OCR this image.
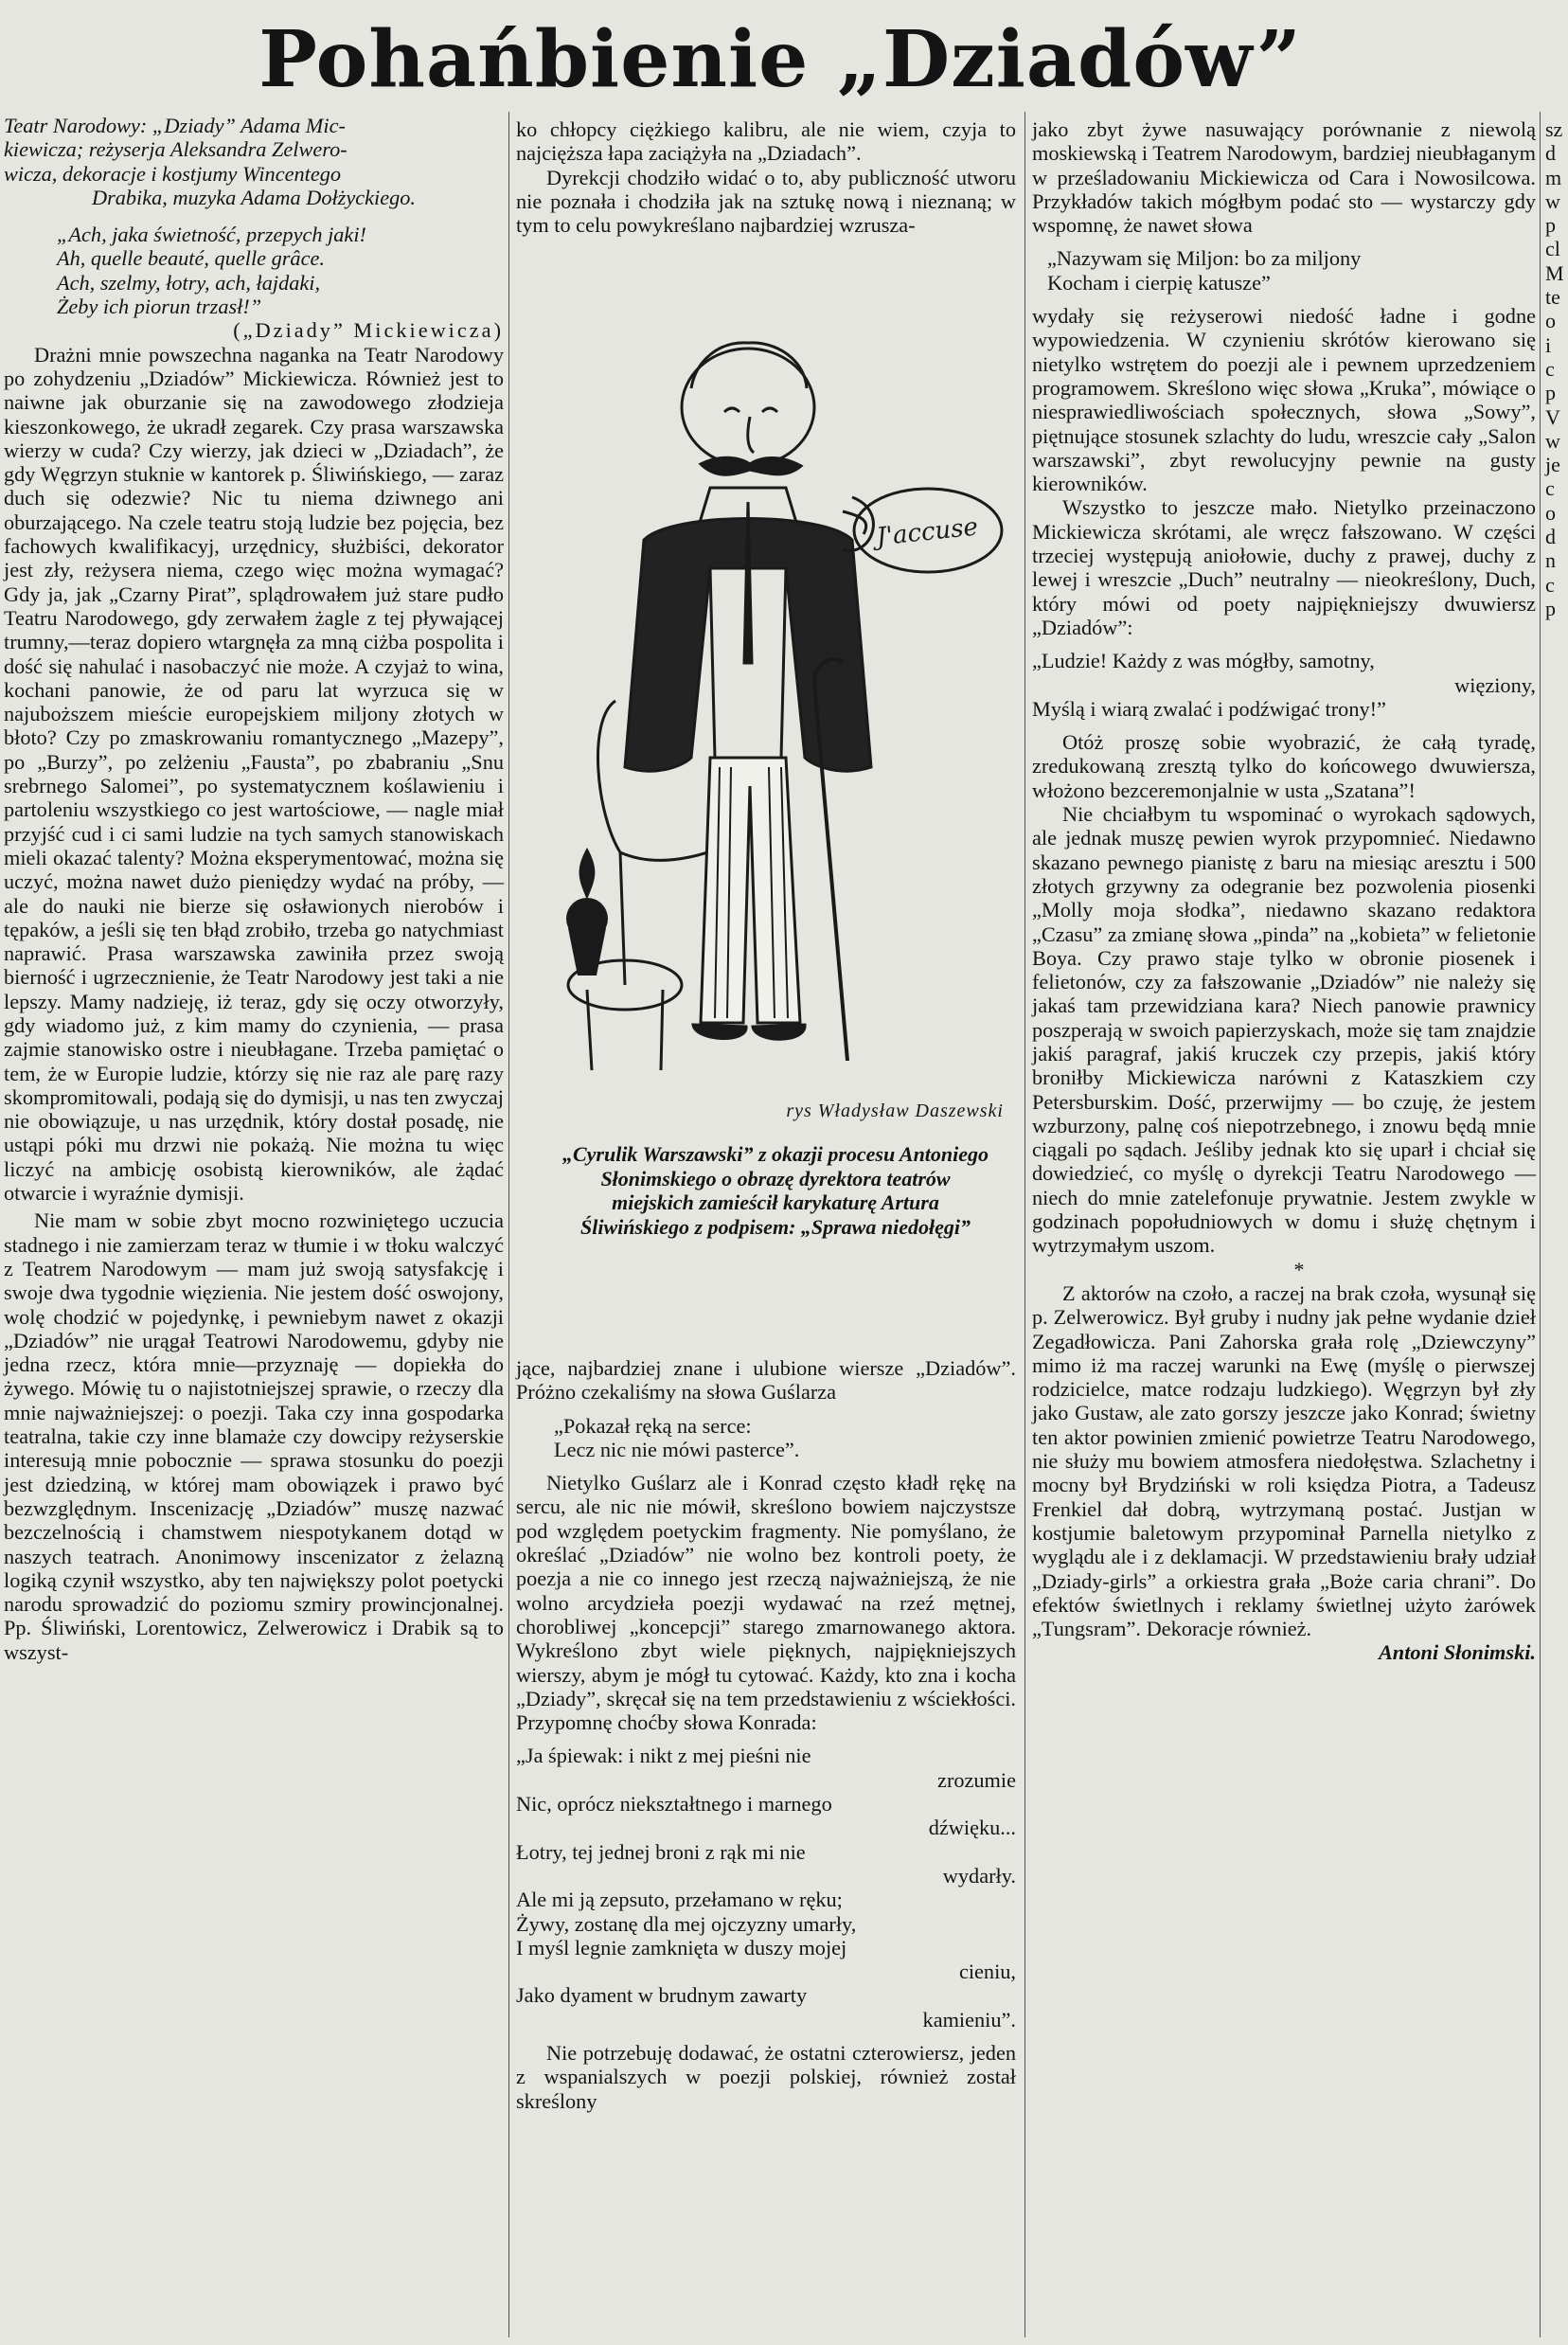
Pohańbienie „Dziadów”

Teatr Narodowy: „Dziady” Adama Mic-

kiewicza; reżyserja Aleksandra Zelwero-

wicza, dekoracje i kostjumy Wincentego

Drabika, muzyka Adama Dołżyckiego.

„Ach, jaka świetność, przepych jaki!
Ah, quelle beauté, quelle grâce.
Ach, szelmy, łotry, ach, łajdaki,
Żeby ich piorun trzasł!”

(„Dziady” Mickiewicza)

Drażni mnie powszechna naganka na Teatr Narodowy po zohydzeniu „Dziadów” Mickiewicza. Również jest to naiwne jak oburzanie się na zawodowego złodzieja kieszonkowego, że ukradł zegarek. Czy prasa warszawska wierzy w cuda? Czy wierzy, jak dzieci w „Dziadach”, że gdy Węgrzyn stuknie w kantorek p. Śliwińskiego, — zaraz duch się odezwie? Nic tu niema dziwnego ani oburzającego. Na czele teatru stoją ludzie bez pojęcia, bez fachowych kwalifikacyj, urzędnicy, służbiści, dekorator jest zły, reżysera niema, czego więc można wymagać? Gdy ja, jak „Czarny Pirat”, splądrowałem już stare pudło Teatru Narodowego, gdy zerwałem żagle z tej pływającej trumny,—teraz dopiero wtargnęła za mną ciżba pospolita i dość się nahulać i nasobaczyć nie może. A czyjaż to wina, kochani panowie, że od paru lat wyrzuca się w najuboższem mieście europejskiem miljony złotych w błoto? Czy po zmaskrowaniu romantycznego „Mazepy”, po „Burzy”, po zelżeniu „Fausta”, po zbabraniu „Snu srebrnego Salomei”, po systematycznem koślawieniu i partoleniu wszystkiego co jest wartościowe, — nagle miał przyjść cud i ci sami ludzie na tych samych stanowiskach mieli okazać talenty? Można eksperymentować, można się uczyć, można nawet dużo pieniędzy wydać na próby, — ale do nauki nie bierze się osławionych nierobów i tępaków, a jeśli się ten błąd zrobiło, trzeba go natychmiast naprawić. Prasa warszawska zawiniła przez swoją bierność i ugrzecznienie, że Teatr Narodowy jest taki a nie lepszy. Mamy nadzieję, iż teraz, gdy się oczy otworzyły, gdy wiadomo już, z kim mamy do czynienia, — prasa zajmie stanowisko ostre i nieubłagane. Trzeba pamiętać o tem, że w Europie ludzie, którzy się nie raz ale parę razy skompromitowali, podają się do dymisji, u nas ten zwyczaj nie obowiązuje, u nas urzędnik, który dostał posadę, nie ustąpi póki mu drzwi nie pokażą. Nie można tu więc liczyć na ambicję osobistą kierowników, ale żądać otwarcie i wyraźnie dymisji.

Nie mam w sobie zbyt mocno rozwiniętego uczucia stadnego i nie zamierzam teraz w tłumie i w tłoku walczyć z Teatrem Narodowym — mam już swoją satysfakcję i swoje dwa tygodnie więzienia. Nie jestem dość oswojony, wolę chodzić w pojedynkę, i pewniebym nawet z okazji „Dziadów” nie urągał Teatrowi Narodowemu, gdyby nie jedna rzecz, która mnie—przyznaję — dopiekła do żywego. Mówię tu o najistotniejszej sprawie, o rzeczy dla mnie najważniejszej: o poezji. Taka czy inna gospodarka teatralna, takie czy inne blamaże czy dowcipy reżyserskie interesują mnie pobocznie — sprawa stosunku do poezji jest dziedziną, w której mam obowiązek i prawo być bezwzględnym. Inscenizację „Dziadów” muszę nazwać bezczelnością i chamstwem niespotykanem dotąd w naszych teatrach. Anonimowy inscenizator z żelazną logiką czynił wszystko, aby ten największy polot poetycki narodu sprowadzić do poziomu szmiry prowincjonalnej. Pp. Śliwiński, Lorentowicz, Zelwerowicz i Drabik są to wszyst-

ko chłopcy ciężkiego kalibru, ale nie wiem, czyja to najcięższa łapa zaciążyła na „Dziadach”.

Dyrekcji chodziło widać o to, aby publiczność utworu nie poznała i chodziła jak na sztukę nową i nieznaną; w tym to celu powykreślano najbardziej wzrusza-

J'accuse
rys Władysław Daszewski
„Cyrulik Warszawski” z okazji procesu Antoniego Słonimskiego o obrazę dyrektora teatrów miejskich zamieścił karykaturę Artura Śliwińskiego z podpisem: „Sprawa niedołęgi”

jące, najbardziej znane i ulubione wiersze „Dziadów”. Próżno czekaliśmy na słowa Guślarza

„Pokazał ręką na serce:
Lecz nic nie mówi pasterce”.

Nietylko Guślarz ale i Konrad często kładł rękę na sercu, ale nic nie mówił, skreślono bowiem najczystsze pod względem poetyckim fragmenty. Nie pomyślano, że określać „Dziadów” nie wolno bez kontroli poety, że poezja a nie co innego jest rzeczą najważniejszą, że nie wolno arcydzieła poezji wydawać na rzeź mętnej, chorobliwej „koncepcji” starego zmarnowanego aktora. Wykreślono zbyt wiele pięknych, najpiękniejszych wierszy, abym je mógł tu cytować. Każdy, kto zna i kocha „Dziady”, skręcał się na tem przedstawieniu z wściekłości. Przypomnę choćby słowa Konrada:

„Ja śpiewak: i nikt z mej pieśni nie
zrozumie
Nic, oprócz niekształtnego i marnego
dźwięku...
Łotry, tej jednej broni z rąk mi nie
wydarły.
Ale mi ją zepsuto, przełamano w ręku;
Żywy, zostanę dla mej ojczyzny umarły,
I myśl legnie zamknięta w duszy mojej
cieniu,
Jako dyament w brudnym zawarty
kamieniu”.

Nie potrzebuję dodawać, że ostatni czterowiersz, jeden z wspanialszych w poezji polskiej, również został skreślony

jako zbyt żywe nasuwający porównanie z niewolą moskiewską i Teatrem Narodowym, bardziej nieubłaganym w prześladowaniu Mickiewicza od Cara i Nowosilcowa. Przykładów takich mógłbym podać sto — wystarczy gdy wspomnę, że nawet słowa

„Nazywam się Miljon: bo za miljony
Kocham i cierpię katusze”

wydały się reżyserowi niedość ładne i godne wypowiedzenia. W czynieniu skrótów kierowano się nietylko wstrętem do poezji ale i pewnem uprzedzeniem programowem. Skreślono więc słowa „Kruka”, mówiące o niesprawiedliwościach społecznych, słowa „Sowy”, piętnujące stosunek szlachty do ludu, wreszcie cały „Salon warszawski”, zbyt rewolucyjny pewnie na gusty kierowników.

Wszystko to jeszcze mało. Nietylko przeinaczono Mickiewicza skrótami, ale wręcz fałszowano. W części trzeciej występują aniołowie, duchy z prawej, duchy z lewej i wreszcie „Duch” neutralny — nieokreślony, Duch, który mówi od poety najpiękniejszy dwuwiersz „Dziadów”:

„Ludzie! Każdy z was mógłby, samotny,
więziony,
Myślą i wiarą zwalać i podźwigać trony!”

Otóż proszę sobie wyobrazić, że całą tyradę, zredukowaną zresztą tylko do końcowego dwuwiersza, włożono bezceremonjalnie w usta „Szatana”!

Nie chciałbym tu wspominać o wyrokach sądowych, ale jednak muszę pewien wyrok przypomnieć. Niedawno skazano pewnego pianistę z baru na miesiąc aresztu i 500 złotych grzywny za odegranie bez pozwolenia piosenki „Molly moja słodka”, niedawno skazano redaktora „Czasu” za zmianę słowa „pinda” na „kobieta” w felietonie Boya. Czy prawo staje tylko w obronie piosenek i felietonów, czy za fałszowanie „Dziadów” nie należy się jakaś tam przewidziana kara? Niech panowie prawnicy poszperają w swoich papierzyskach, może się tam znajdzie jakiś paragraf, jakiś kruczek czy przepis, jakiś który broniłby Mickiewicza narówni z Kataszkiem czy Petersburskim. Dość, przerwijmy — bo czuję, że jestem wzburzony, palnę coś niepotrzebnego, i znowu będą mnie ciągali po sądach. Jeśliby jednak kto się uparł i chciał się dowiedzieć, co myślę o dyrekcji Teatru Narodowego — niech do mnie zatelefonuje prywatnie. Jestem zwykle w godzinach popołudniowych w domu i służę chętnym i wytrzymałym uszom.

*

Z aktorów na czoło, a raczej na brak czoła, wysunął się p. Zelwerowicz. Był gruby i nudny jak pełne wydanie dzieł Zegadłowicza. Pani Zahorska grała rolę „Dziewczyny” mimo iż ma raczej warunki na Ewę (myślę o pierwszej rodzicielce, matce rodzaju ludzkiego). Węgrzyn był zły jako Gustaw, ale zato gorszy jeszcze jako Konrad; świetny ten aktor powinien zmienić powietrze Teatru Narodowego, nie służy mu bowiem atmosfera niedołęstwa. Szlachetny i mocny był Brydziński w roli księdza Piotra, a Tadeusz Frenkiel dał dobrą, wytrzymaną postać. Justjan w kostjumie baletowym przypominał Parnella nietylko z wyglądu ale i z deklamacji. W przedstawieniu brały udział „Dziady-girls” a orkiestra grała „Boże caria chrani”. Do efektów świetlnych i reklamy świetlnej użyto żarówek „Tungsram”. Dekoracje również.

Antoni Słonimski.

sz
d
m
w
p
cl
M
te
o
i
c
p
V
w
je
c
o
d
n
c
p
